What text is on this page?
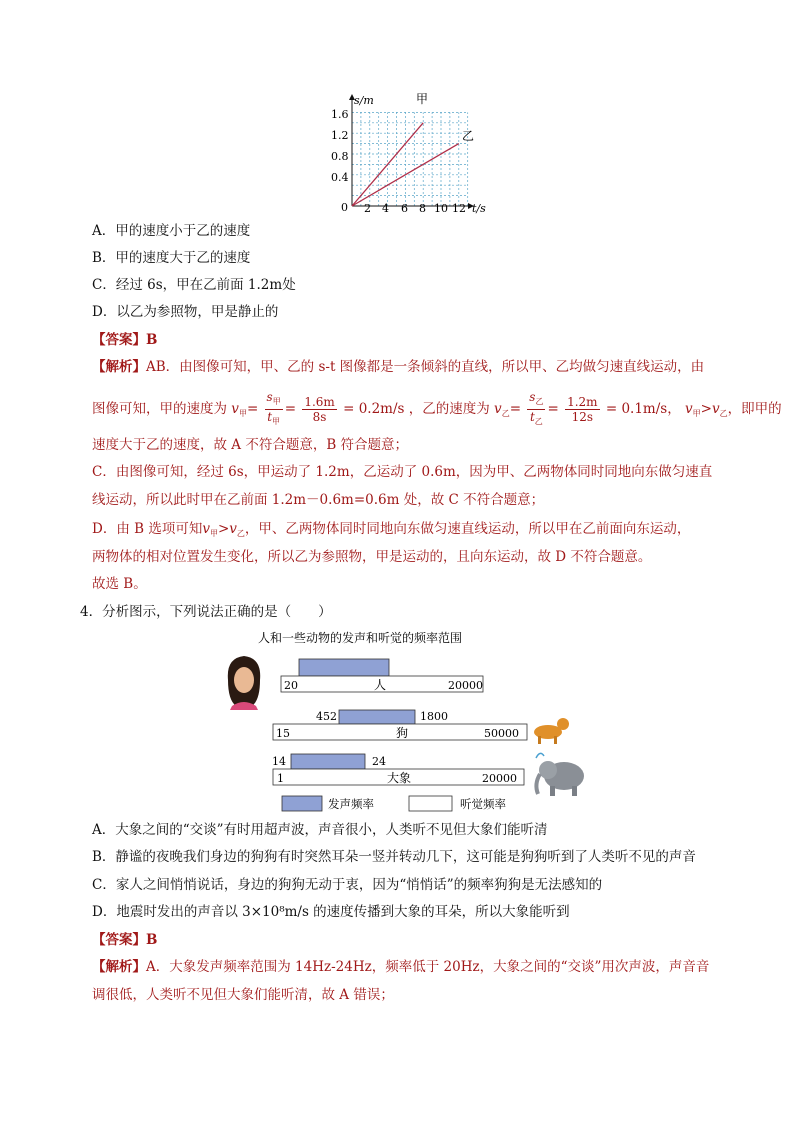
s/m
t/s
0
0.4
0.8
1.2
1.6
2 4 6 8 10 12
甲
乙
A．甲的速度小于乙的速度
B．甲的速度大于乙的速度
C．经过 6s，甲在乙前面 1.2m处
D．以乙为参照物，甲是静止的
【答案】B
【解析】AB．由图像可知，甲、乙的 s-t 图像都是一条倾斜的直线，所以甲、乙均做匀速直线运动，由
图像可知，甲的速度为 $v_甲= \frac{s_甲}{t_甲} = \frac{1.6m}{8s} = 0.2m/s$ ，乙的速度为 $v_乙= \frac{s_乙}{t_乙} = \frac{1.2m}{12s} = 0.1m/s$， $v_甲>v_乙$，即甲的
速度大于乙的速度，故 A 不符合题意，B 符合题意；
C．由图像可知，经过 6s，甲运动了 1.2m，乙运动了 0.6m，因为甲、乙两物体同时同地向东做匀速直
线运动，所以此时甲在乙前面 1.2m－0.6m=0.6m 处，故 C 不符合题意；
D．由 B 选项可知$v_甲>v_乙$，甲、乙两物体同时同地向东做匀速直线运动，所以甲在乙前面向东运动，
两物体的相对位置发生变化，所以乙为参照物，甲是运动的，且向东运动，故 D 不符合题意。
故选 B。
4．分析图示，下列说法正确的是（　　）
人和一些动物的发声和听觉的频率范围
20	人	20000
452	1800
15	狗	50000
14	24
1	大象	20000
发声频率	听觉频率
A．大象之间的“交谈”有时用超声波，声音很小，人类听不见但大象们能听清
B．静谧的夜晚我们身边的狗狗有时突然耳朵一竖并转动几下，这可能是狗狗听到了人类听不见的声音
C．家人之间悄悄说话，身边的狗狗无动于衷，因为“悄悄话”的频率狗狗是无法感知的
D．地震时发出的声音以 3×10⁸m/s 的速度传播到大象的耳朵，所以大象能听到
【答案】B
【解析】A．大象发声频率范围为 14Hz-24Hz，频率低于 20Hz，大象之间的“交谈”用次声波，声音音
调很低，人类听不见但大象们能听清，故 A 错误；
